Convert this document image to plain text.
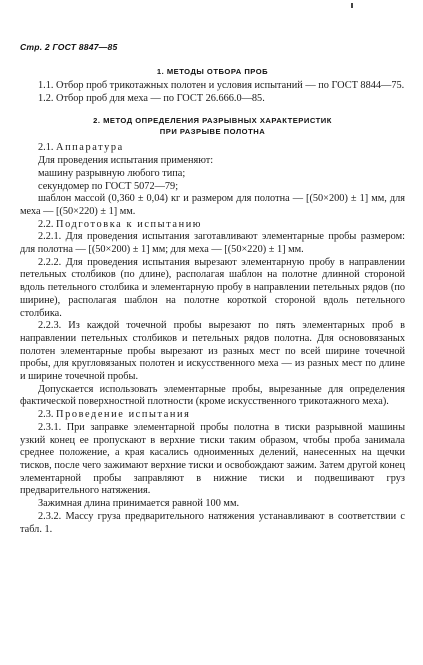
Стр. 2 ГОСТ 8847—85
1. МЕТОДЫ ОТБОРА ПРОБ

1.1. Отбор проб трикотажных полотен и условия испытаний — по ГОСТ 8844—75.

1.2. Отбор проб для меха — по ГОСТ 26.666.0—85.

2. МЕТОД ОПРЕДЕЛЕНИЯ РАЗРЫВНЫХ ХАРАКТЕРИСТИК
ПРИ РАЗРЫВЕ ПОЛОТНА

2.1. Аппаратура

Для проведения испытания применяют:

машину разрывную любого типа;

секундомер по ГОСТ 5072—79;

шаблон массой (0,360 ± 0,04) кг и размером для полотна — [(50×200) ± 1] мм, для меха — [(50×220) ± 1] мм.

2.2. Подготовка к испытанию

2.2.1. Для проведения испытания заготавливают элементарные пробы размером: для полотна — [(50×200) ± 1] мм; для меха — [(50×220) ± 1] мм.

2.2.2. Для проведения испытания вырезают элементарную пробу в направлении петельных столбиков (по длине), располагая шаблон на полотне длинной стороной вдоль петельного столбика и элементарную пробу в направлении петельных рядов (по ширине), располагая шаблон на полотне короткой стороной вдоль петельного столбика.

2.2.3. Из каждой точечной пробы вырезают по пять элементарных проб в направлении петельных столбиков и петельных рядов полотна. Для основовязаных полотен элементарные пробы вырезают из разных мест по всей ширине точечной пробы, для кругловязаных полотен и искусственного меха — из разных мест по длине и ширине точечной пробы.

Допускается использовать элементарные пробы, вырезанные для определения фактической поверхностной плотности (кроме искусственного трикотажного меха).

2.3. Проведение испытания

2.3.1. При заправке элементарной пробы полотна в тиски разрывной машины узкий конец ее пропускают в верхние тиски таким образом, чтобы проба занимала среднее положение, а края касались одноименных делений, нанесенных на щечки тисков, после чего зажимают верхние тиски и освобождают зажим. Затем другой конец элементарной пробы заправляют в нижние тиски и подвешивают груз предварительного натяжения.

Зажимная длина принимается равной 100 мм.

2.3.2. Массу груза предварительного натяжения устанавливают в соответствии с табл. 1.
